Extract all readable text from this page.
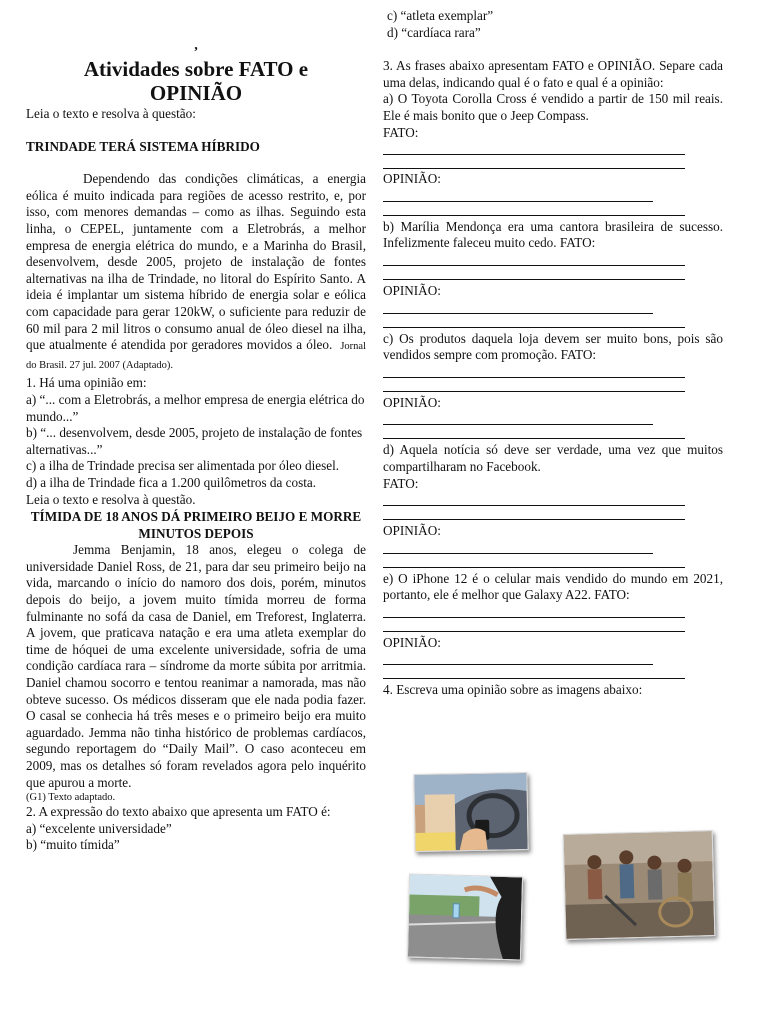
,
Atividades sobre FATO e
OPINIÃO
Leia o texto e resolva à questão:
TRINDADE TERÁ SISTEMA HÍBRIDO
Dependendo das condições climáticas, a energia eólica é muito indicada para regiões de acesso restrito, e, por isso, com menores demandas – como as ilhas. Seguindo esta linha, o CEPEL, juntamente com a Eletrobrás, a melhor empresa de energia elétrica do mundo, e a Marinha do Brasil, desenvolvem, desde 2005, projeto de instalação de fontes alternativas na ilha de Trindade, no litoral do Espírito Santo. A ideia é implantar um sistema híbrido de energia solar e eólica com capacidade para gerar 120kW, o suficiente para reduzir de 60 mil para 2 mil litros o consumo anual de óleo diesel na ilha, que atualmente é atendida por geradores movidos a óleo. Jornal do Brasil. 27 jul. 2007 (Adaptado).
1. Há uma opinião em:
a) “... com a Eletrobrás, a melhor empresa de energia elétrica do mundo...”
b) “... desenvolvem, desde 2005, projeto de instalação de fontes alternativas...”
c) a ilha de Trindade precisa ser alimentada por óleo diesel.
d) a ilha de Trindade fica a 1.200 quilômetros da costa.
Leia o texto e resolva à questão.
TÍMIDA DE 18 ANOS DÁ PRIMEIRO BEIJO E MORRE MINUTOS DEPOIS
Jemma Benjamin, 18 anos, elegeu o colega de universidade Daniel Ross, de 21, para dar seu primeiro beijo na vida, marcando o início do namoro dos dois, porém, minutos depois do beijo, a jovem muito tímida morreu de forma fulminante no sofá da casa de Daniel, em Treforest, Inglaterra. A jovem, que praticava natação e era uma atleta exemplar do time de hóquei de uma excelente universidade, sofria de uma condição cardíaca rara – síndrome da morte súbita por arritmia. Daniel chamou socorro e tentou reanimar a namorada, mas não obteve sucesso. Os médicos disseram que ele nada podia fazer. O casal se conhecia há três meses e o primeiro beijo era muito aguardado. Jemma não tinha histórico de problemas cardíacos, segundo reportagem do “Daily Mail”. O caso aconteceu em 2009, mas os detalhes só foram revelados agora pelo inquérito que apurou a morte.
(G1) Texto adaptado.
2. A expressão do texto abaixo que apresenta um FATO é:
a) “excelente universidade”
b) “muito tímida”
c) “atleta exemplar”
d) “cardíaca rara”
3. As frases abaixo apresentam FATO e OPINIÃO. Separe cada uma delas, indicando qual é o fato e qual é a opinião:
a) O Toyota Corolla Cross é vendido a partir de 150 mil reais. Ele é mais bonito que o Jeep Compass.
FATO:
OPINIÃO:
b) Marília Mendonça era uma cantora brasileira de sucesso. Infelizmente faleceu muito cedo. FATO:
OPINIÃO:
c) Os produtos daquela loja devem ser muito bons, pois são vendidos sempre com promoção. FATO:
OPINIÃO:
d) Aquela notícia só deve ser verdade, uma vez que muitos compartilharam no Facebook.
FATO:
OPINIÃO:
e) O iPhone 12 é o celular mais vendido do mundo em 2021, portanto, ele é melhor que Galaxy A22. FATO:
OPINIÃO:
4. Escreva uma opinião sobre as imagens abaixo:
